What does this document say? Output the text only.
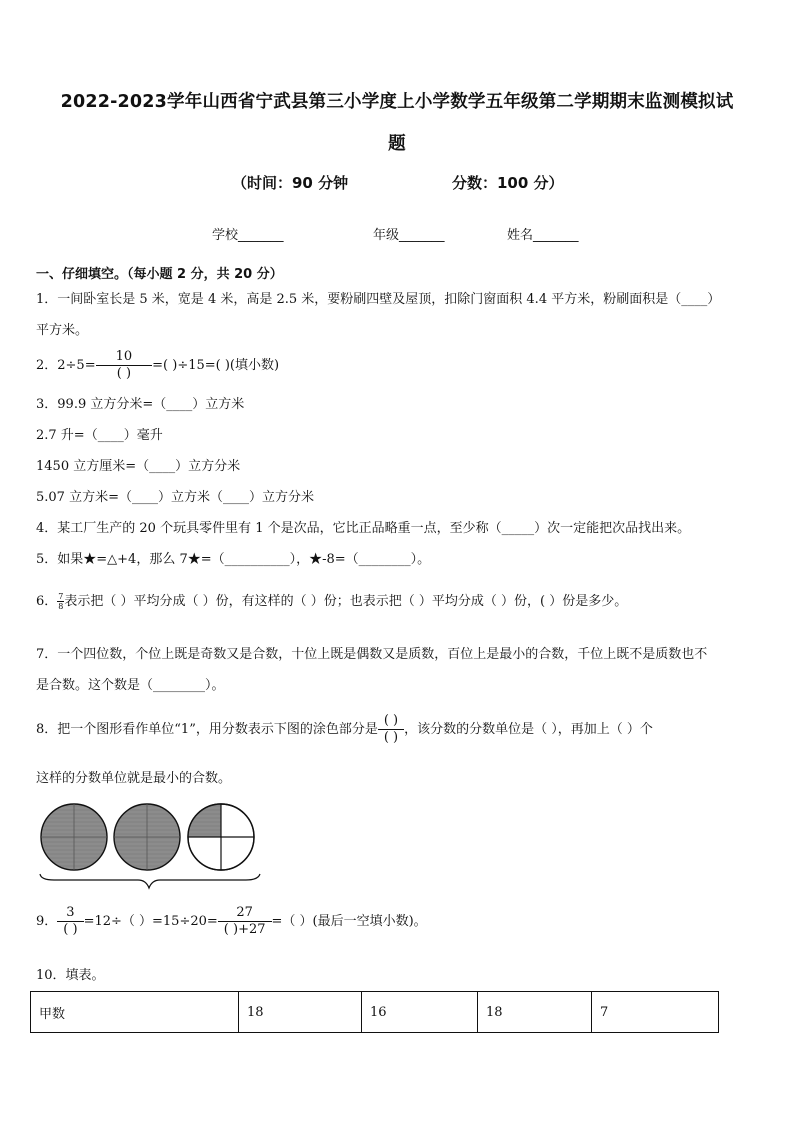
2022-2023学年山西省宁武县第三小学度上小学数学五年级第二学期期末监测模拟试
题
（时间：90 分钟	分数：100 分）
学校_______	年级_______	姓名_______
一、仔细填空。（每小题 2 分，共 20 分）
1．一间卧室长是 5 米，宽是 4 米，高是 2.5 米，要粉刷四壁及屋顶，扣除门窗面积 4.4 平方米，粉刷面积是（____）
平方米。
2．$2\div 5= \frac{10}{( )}$ =( )÷15=( )(填小数)
3．99.9 立方分米=（____）立方米
2.7 升=（____）毫升
1450 立方厘米=（____）立方分米
5.07 立方米=（____）立方米（____）立方分米
4．某工厂生产的 20 个玩具零件里有 1 个是次品，它比正品略重一点，至少称（_____）次一定能把次品找出来。
5．如果★=△+4，那么 7★=（__________），★-8=（________）。
6． $\frac{7}{8}$ 表示把（ ）平均分成（ ）份，有这样的（ ）份；也表示把（ ）平均分成（ ）份，( ）份是多少。
7．一个四位数，个位上既是奇数又是合数，十位上既是偶数又是质数，百位上是最小的合数，千位上既不是质数也不
是合数。这个数是（________）。
8．把一个图形看作单位“1”，用分数表示下图的涂色部分是 $\frac{( )}{( )}$ ，该分数的分数单位是（ ），再加上（ ）个
这样的分数单位就是最小的合数。
9． $\frac{3}{( )} =12\div$（ ）$=15\div 20= \frac{27}{( )+27}$ =（ ）(最后一空填小数)。
10．填表。
甲数	18	16	18	7
